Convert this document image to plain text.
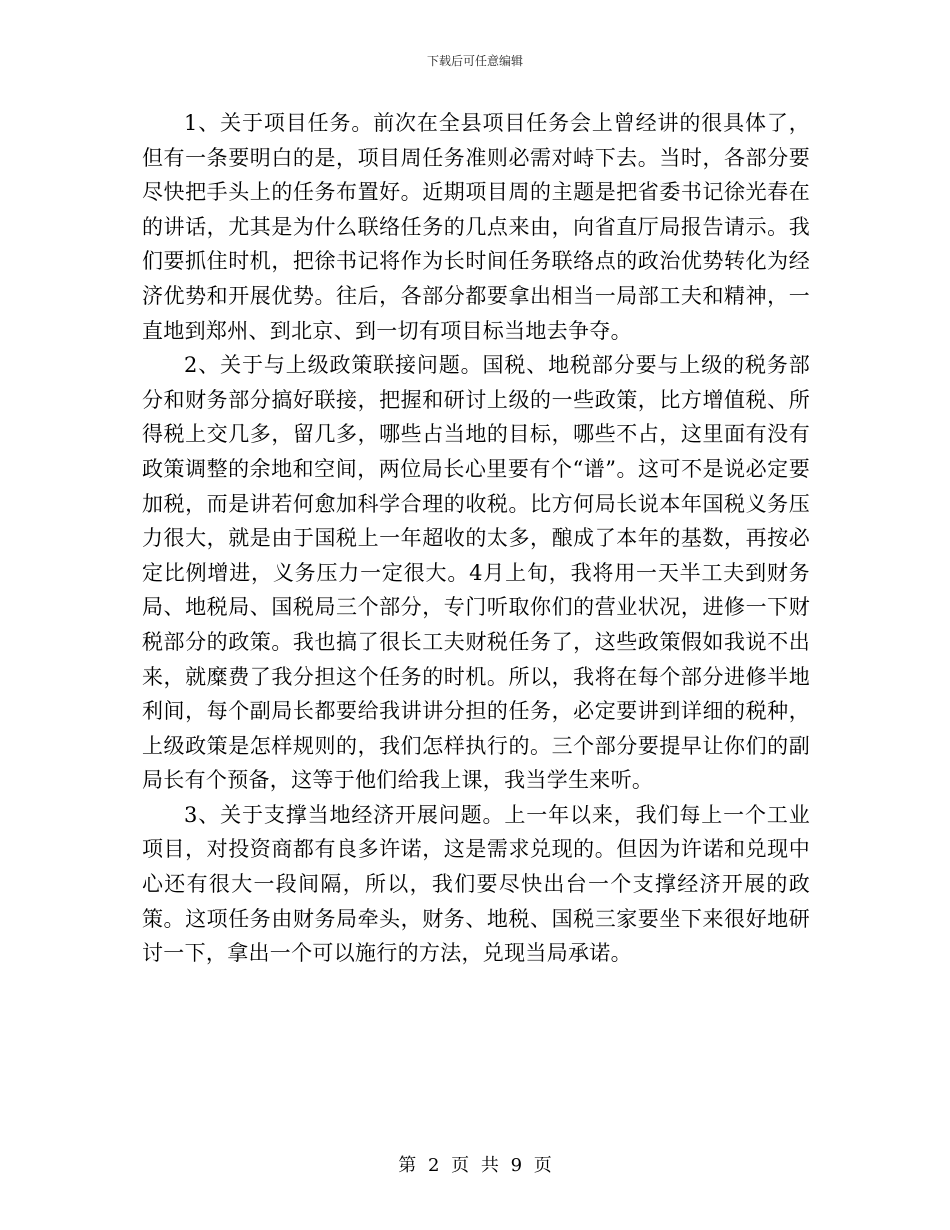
下载后可任意编辑

1、关于项目任务。前次在全县项目任务会上曾经讲的很具体了，但有一条要明白的是，项目周任务准则必需对峙下去。当时，各部分要尽快把手头上的任务布置好。近期项目周的主题是把省委书记徐光春在的讲话，尤其是为什么联络任务的几点来由，向省直厅局报告请示。我们要抓住时机，把徐书记将作为长时间任务联络点的政治优势转化为经济优势和开展优势。往后，各部分都要拿出相当一局部工夫和精神，一直地到郑州、到北京、到一切有项目标当地去争夺。

2、关于与上级政策联接问题。国税、地税部分要与上级的税务部分和财务部分搞好联接，把握和研讨上级的一些政策，比方增值税、所得税上交几多，留几多，哪些占当地的目标，哪些不占，这里面有没有政策调整的余地和空间，两位局长心里要有个“谱”。这可不是说必定要加税，而是讲若何愈加科学合理的收税。比方何局长说本年国税义务压力很大，就是由于国税上一年超收的太多，酿成了本年的基数，再按必定比例增进，义务压力一定很大。4月上旬，我将用一天半工夫到财务局、地税局、国税局三个部分，专门听取你们的营业状况，进修一下财税部分的政策。我也搞了很长工夫财税任务了，这些政策假如我说不出来，就糜费了我分担这个任务的时机。所以，我将在每个部分进修半地利间，每个副局长都要给我讲讲分担的任务，必定要讲到详细的税种，上级政策是怎样规则的，我们怎样执行的。三个部分要提早让你们的副局长有个预备，这等于他们给我上课，我当学生来听。

3、关于支撑当地经济开展问题。上一年以来，我们每上一个工业项目，对投资商都有良多许诺，这是需求兑现的。但因为许诺和兑现中心还有很大一段间隔，所以，我们要尽快出台一个支撑经济开展的政策。这项任务由财务局牵头，财务、地税、国税三家要坐下来很好地研讨一下，拿出一个可以施行的方法，兑现当局承诺。

第 2 页 共 9 页
